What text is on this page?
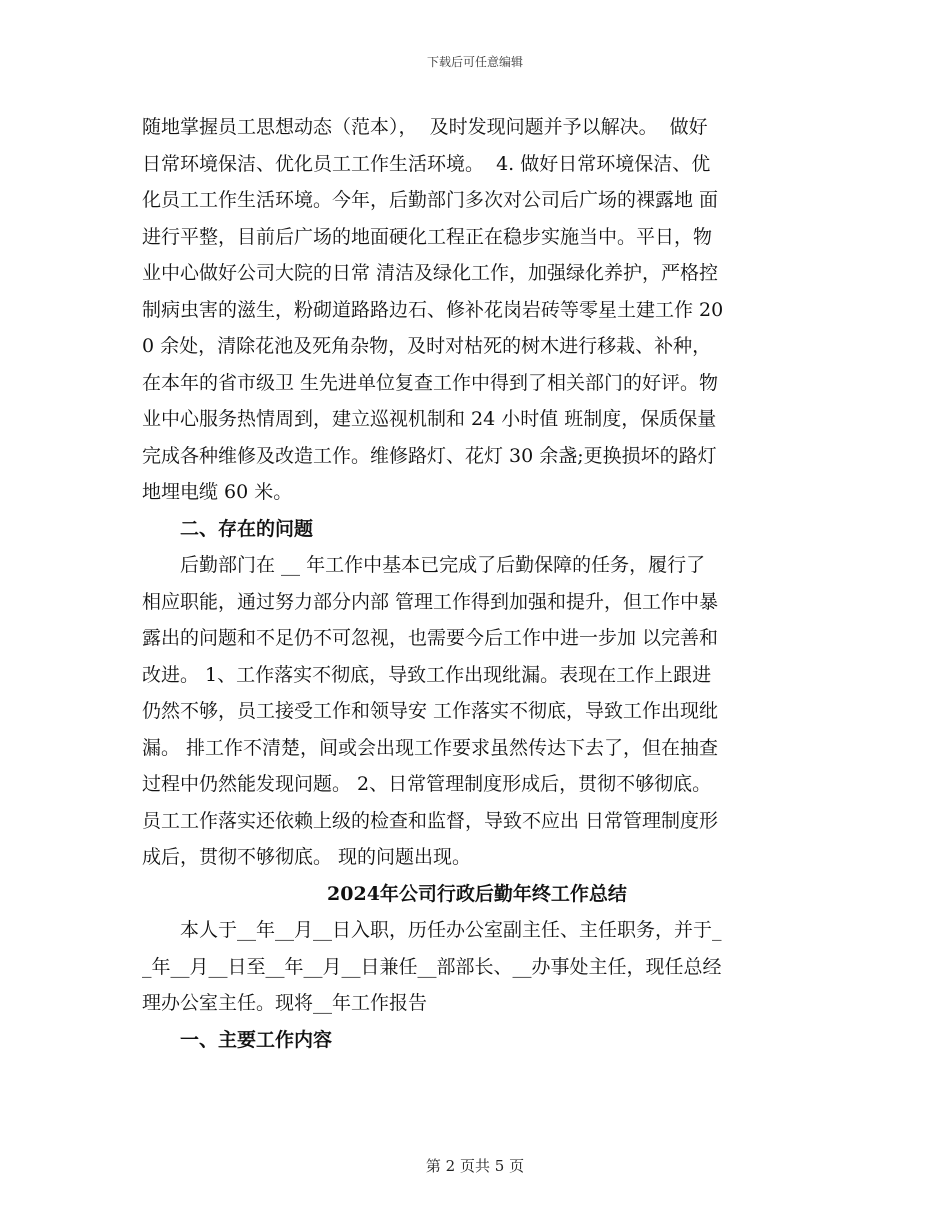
下载后可任意编辑
随地掌握员工思想动态（范本），  及时发现问题并予以解决。  做好
日常环境保洁、优化员工工作生活环境。  4. 做好日常环境保洁、优
化员工工作生活环境。今年，后勤部门多次对公司后广场的裸露地 面
进行平整，目前后广场的地面硬化工程正在稳步实施当中。平日，物
业中心做好公司大院的日常 清洁及绿化工作，加强绿化养护，严格控
制病虫害的滋生，粉砌道路路边石、修补花岗岩砖等零星土建工作 20
0 余处，清除花池及死角杂物，及时对枯死的树木进行移栽、补种，
在本年的省市级卫 生先进单位复查工作中得到了相关部门的好评。物
业中心服务热情周到，建立巡视机制和 24 小时值 班制度，保质保量
完成各种维修及改造工作。维修路灯、花灯 30 余盏;更换损坏的路灯
地埋电缆 60 米。
二、存在的问题
后勤部门在 __ 年工作中基本已完成了后勤保障的任务，履行了
相应职能，通过努力部分内部 管理工作得到加强和提升，但工作中暴
露出的问题和不足仍不可忽视，也需要今后工作中进一步加 以完善和
改进。 1、工作落实不彻底，导致工作出现纰漏。表现在工作上跟进
仍然不够，员工接受工作和领导安 工作落实不彻底，导致工作出现纰
漏。 排工作不清楚，间或会出现工作要求虽然传达下去了，但在抽查
过程中仍然能发现问题。 2、日常管理制度形成后，贯彻不够彻底。
员工工作落实还依赖上级的检查和监督，导致不应出 日常管理制度形
成后，贯彻不够彻底。 现的问题出现。
2024年公司行政后勤年终工作总结
本人于__年__月__日入职，历任办公室副主任、主任职务，并于_
_年__月__日至__年__月__日兼任__部部长、__办事处主任，现任总经
理办公室主任。现将__年工作报告
一、主要工作内容
第 2 页共 5 页
